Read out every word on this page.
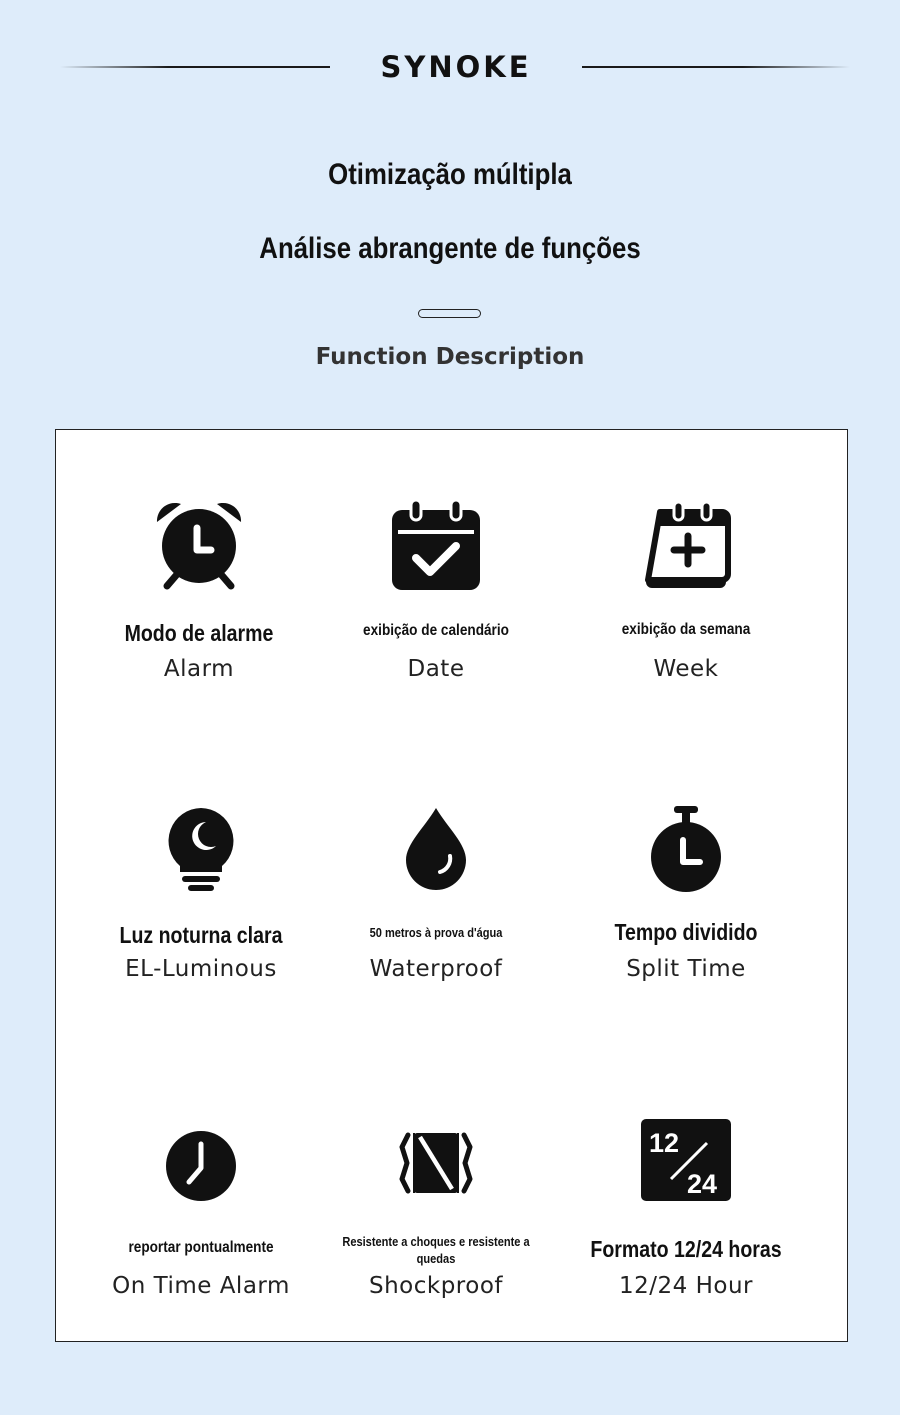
SYNOKE
Otimização múltipla
Análise abrangente de funções
Function Description
Modo de alarme
Alarm
exibição de calendário
Date
exibição da semana
Week
Luz noturna clara
EL-Luminous
50 metros à prova d'água
Waterproof
Tempo dividido
Split Time
reportar pontualmente
On Time Alarm
Resistente a choques e resistente a quedas
Shockproof
12
24
Formato 12/24 horas
12/24 Hour
